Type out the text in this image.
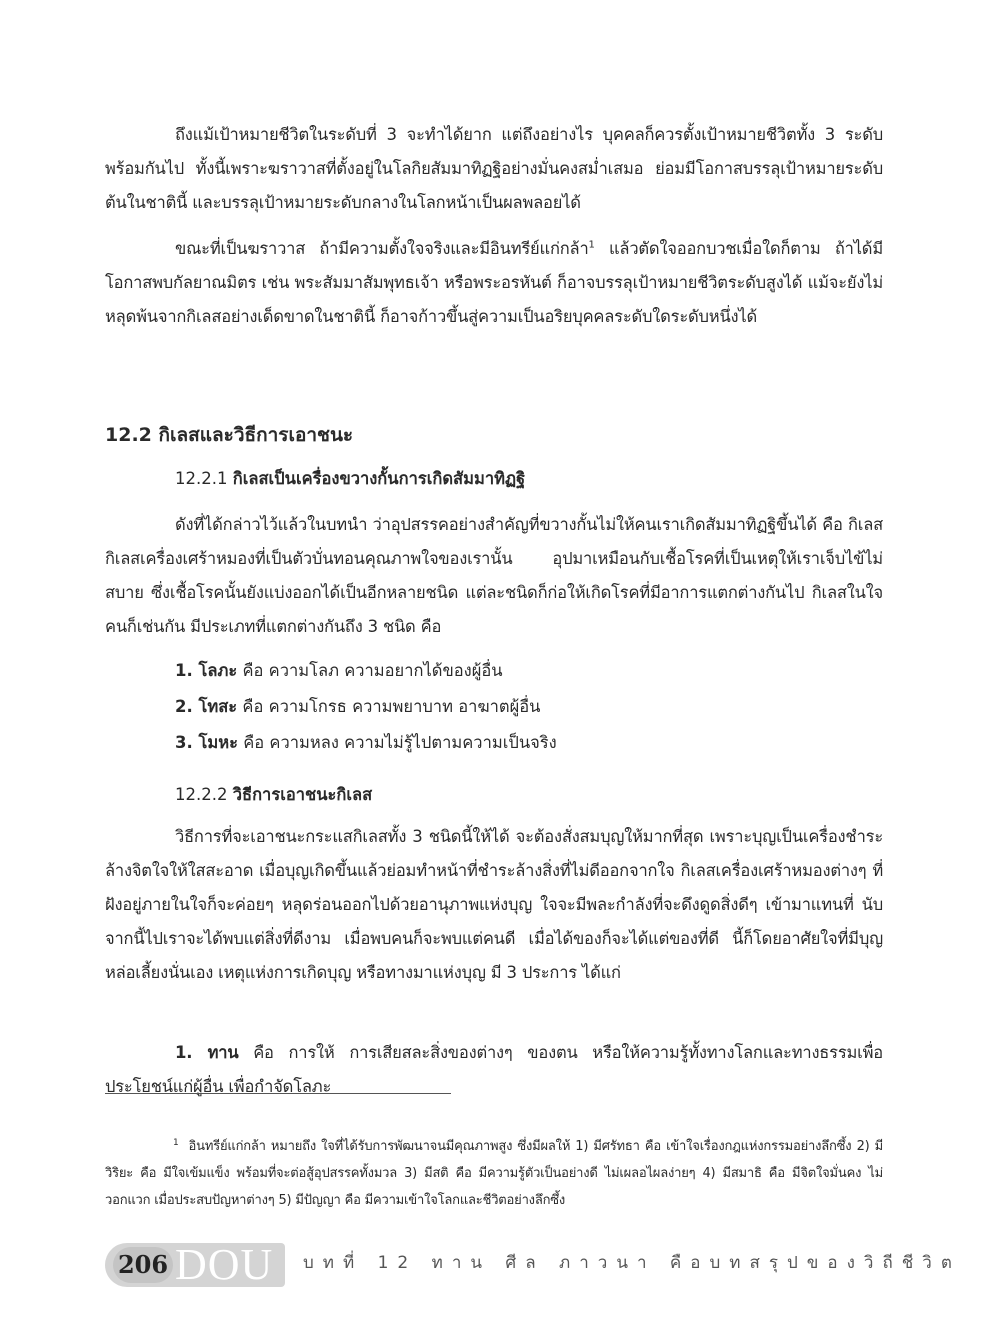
ถึงแม้เป้าหมายชีวิตในระดับที่ 3 จะทำได้ยาก แต่ถึงอย่างไร บุคคลก็ควรตั้งเป้าหมายชีวิตทั้ง 3 ระดับพร้อมกันไป ทั้งนี้เพราะฆราวาสที่ตั้งอยู่ในโลกิยสัมมาทิฏฐิอย่างมั่นคงสม่ำเสมอ ย่อมมีโอกาสบรรลุเป้าหมายระดับต้นในชาตินี้ และบรรลุเป้าหมายระดับกลางในโลกหน้าเป็นผลพลอยได้

ขณะที่เป็นฆราวาส ถ้ามีความตั้งใจจริงและมีอินทรีย์แก่กล้า$^1$ แล้วตัดใจออกบวชเมื่อใดก็ตาม ถ้าได้มีโอกาสพบกัลยาณมิตร เช่น พระสัมมาสัมพุทธเจ้า หรือพระอรหันต์ ก็อาจบรรลุเป้าหมายชีวิตระดับสูงได้ แม้จะยังไม่หลุดพ้นจากกิเลสอย่างเด็ดขาดในชาตินี้ ก็อาจก้าวขึ้นสู่ความเป็นอริยบุคคลระดับใดระดับหนึ่งได้

12.2 กิเลสและวิธีการเอาชนะ

12.2.1 กิเลสเป็นเครื่องขวางกั้นการเกิดสัมมาทิฏฐิ

ดังที่ได้กล่าวไว้แล้วในบทนำ ว่าอุปสรรคอย่างสำคัญที่ขวางกั้นไม่ให้คนเราเกิดสัมมาทิฏฐิขึ้นได้ คือ กิเลส กิเลสเครื่องเศร้าหมองที่เป็นตัวบั่นทอนคุณภาพใจของเรานั้น อุปมาเหมือนกับเชื้อโรคที่เป็นเหตุให้เราเจ็บไข้ไม่สบาย ซึ่งเชื้อโรคนั้นยังแบ่งออกได้เป็นอีกหลายชนิด แต่ละชนิดก็ก่อให้เกิดโรคที่มีอาการแตกต่างกันไป กิเลสในใจคนก็เช่นกัน มีประเภทที่แตกต่างกันถึง 3 ชนิด คือ

1. โลภะ คือ ความโลภ ความอยากได้ของผู้อื่น

2. โทสะ คือ ความโกรธ ความพยาบาท อาฆาตผู้อื่น

3. โมหะ คือ ความหลง ความไม่รู้ไปตามความเป็นจริง

12.2.2 วิธีการเอาชนะกิเลส

วิธีการที่จะเอาชนะกระแสกิเลสทั้ง 3 ชนิดนี้ให้ได้ จะต้องสั่งสมบุญให้มากที่สุด เพราะบุญเป็นเครื่องชำระล้างจิตใจให้ใสสะอาด เมื่อบุญเกิดขึ้นแล้วย่อมทำหน้าที่ชำระล้างสิ่งที่ไม่ดีออกจากใจ กิเลสเครื่องเศร้าหมองต่างๆ ที่ฝังอยู่ภายในใจก็จะค่อยๆ หลุดร่อนออกไปด้วยอานุภาพแห่งบุญ ใจจะมีพละกำลังที่จะดึงดูดสิ่งดีๆ เข้ามาแทนที่ นับจากนี้ไปเราจะได้พบแต่สิ่งที่ดีงาม เมื่อพบคนก็จะพบแต่คนดี เมื่อได้ของก็จะได้แต่ของที่ดี นี้ก็โดยอาศัยใจที่มีบุญหล่อเลี้ยงนั่นเอง เหตุแห่งการเกิดบุญ หรือทางมาแห่งบุญ มี 3 ประการ ได้แก่

1. ทาน คือ การให้ การเสียสละสิ่งของต่างๆ ของตน หรือให้ความรู้ทั้งทางโลกและทางธรรมเพื่อประโยชน์แก่ผู้อื่น เพื่อกำจัดโลภะ

$^1$ อินทรีย์แก่กล้า หมายถึง ใจที่ได้รับการพัฒนาจนมีคุณภาพสูง ซึ่งมีผลให้ 1) มีศรัทธา คือ เข้าใจเรื่องกฎแห่งกรรมอย่างลึกซึ้ง 2) มีวิริยะ คือ มีใจเข้มแข็ง พร้อมที่จะต่อสู้อุปสรรคทั้งมวล 3) มีสติ คือ มีความรู้ตัวเป็นอย่างดี ไม่เผลอไผลง่ายๆ 4) มีสมาธิ คือ มีจิตใจมั่นคง ไม่วอกแวก เมื่อประสบปัญหาต่างๆ 5) มีปัญญา คือ มีความเข้าใจโลกและชีวิตอย่างลึกซึ้ง

206 DOU บทที่ 12 ทาน ศีล ภาวนา คือบทสรุปของวิถีชีวิต
